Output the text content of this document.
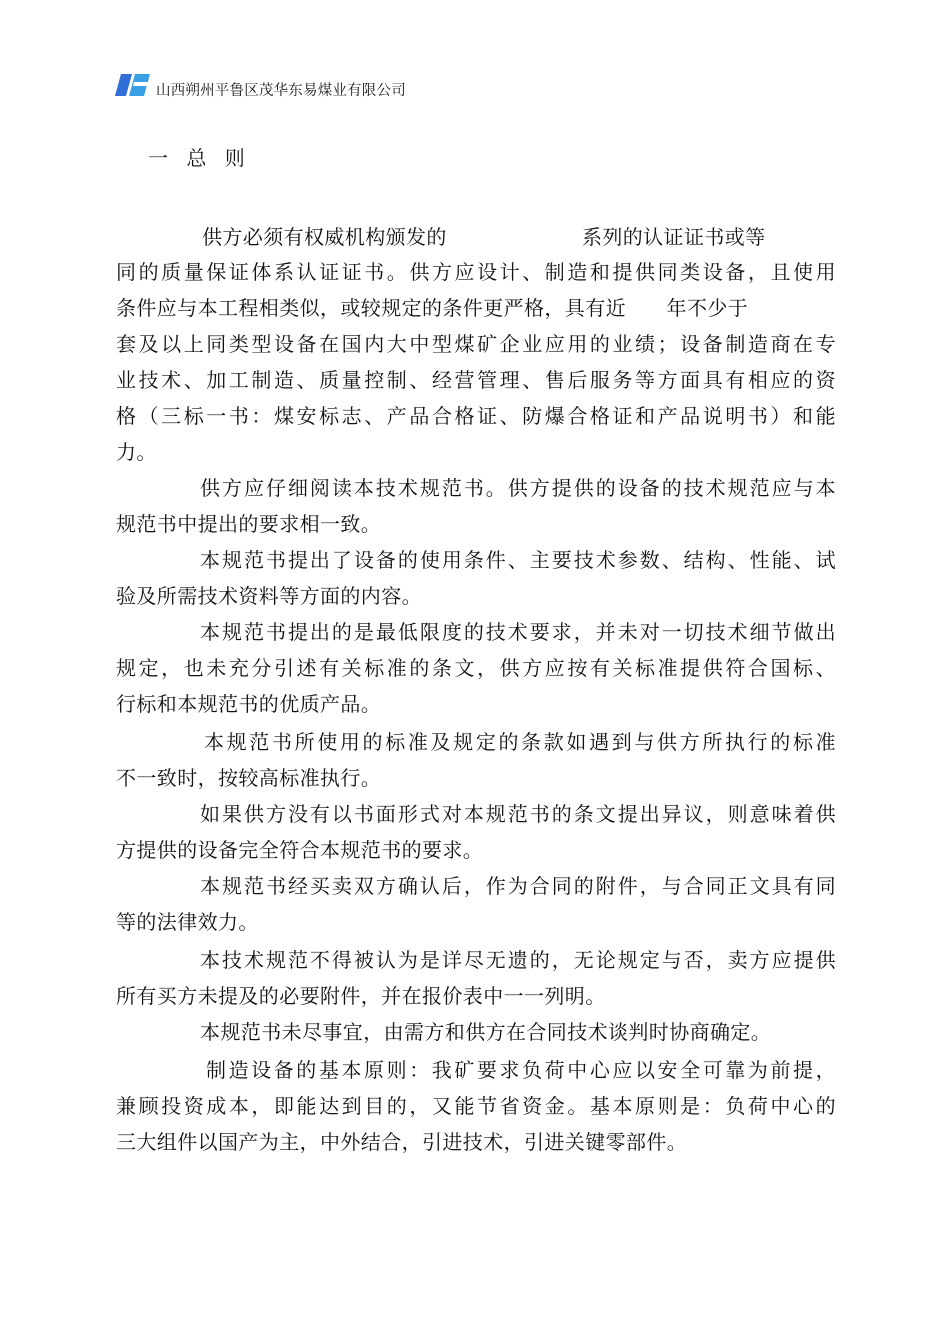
山西朔州平鲁区茂华东易煤业有限公司
一 总 则
供方必须有权威机构颁发的                    系列的认证证书或等
同的质量保证体系认证证书。供方应设计、制造和提供同类设备，且使用
条件应与本工程相类似，或较规定的条件更严格，具有近      年不少于
套及以上同类型设备在国内大中型煤矿企业应用的业绩；设备制造商在专
业技术、加工制造、质量控制、经营管理、售后服务等方面具有相应的资
格（三标一书：煤安标志、产品合格证、防爆合格证和产品说明书）和能
力。
供方应仔细阅读本技术规范书。供方提供的设备的技术规范应与本
规范书中提出的要求相一致。
本规范书提出了设备的使用条件、主要技术参数、结构、性能、试
验及所需技术资料等方面的内容。
本规范书提出的是最低限度的技术要求，并未对一切技术细节做出
规定，也未充分引述有关标准的条文，供方应按有关标准提供符合国标、
行标和本规范书的优质产品。
本规范书所使用的标准及规定的条款如遇到与供方所执行的标准
不一致时，按较高标准执行。
如果供方没有以书面形式对本规范书的条文提出异议，则意味着供
方提供的设备完全符合本规范书的要求。
本规范书经买卖双方确认后，作为合同的附件，与合同正文具有同
等的法律效力。
本技术规范不得被认为是详尽无遗的，无论规定与否，卖方应提供
所有买方未提及的必要附件，并在报价表中一一列明。
本规范书未尽事宜，由需方和供方在合同技术谈判时协商确定。
制造设备的基本原则：我矿要求负荷中心应以安全可靠为前提，
兼顾投资成本，即能达到目的，又能节省资金。基本原则是：负荷中心的
三大组件以国产为主，中外结合，引进技术，引进关键零部件。
